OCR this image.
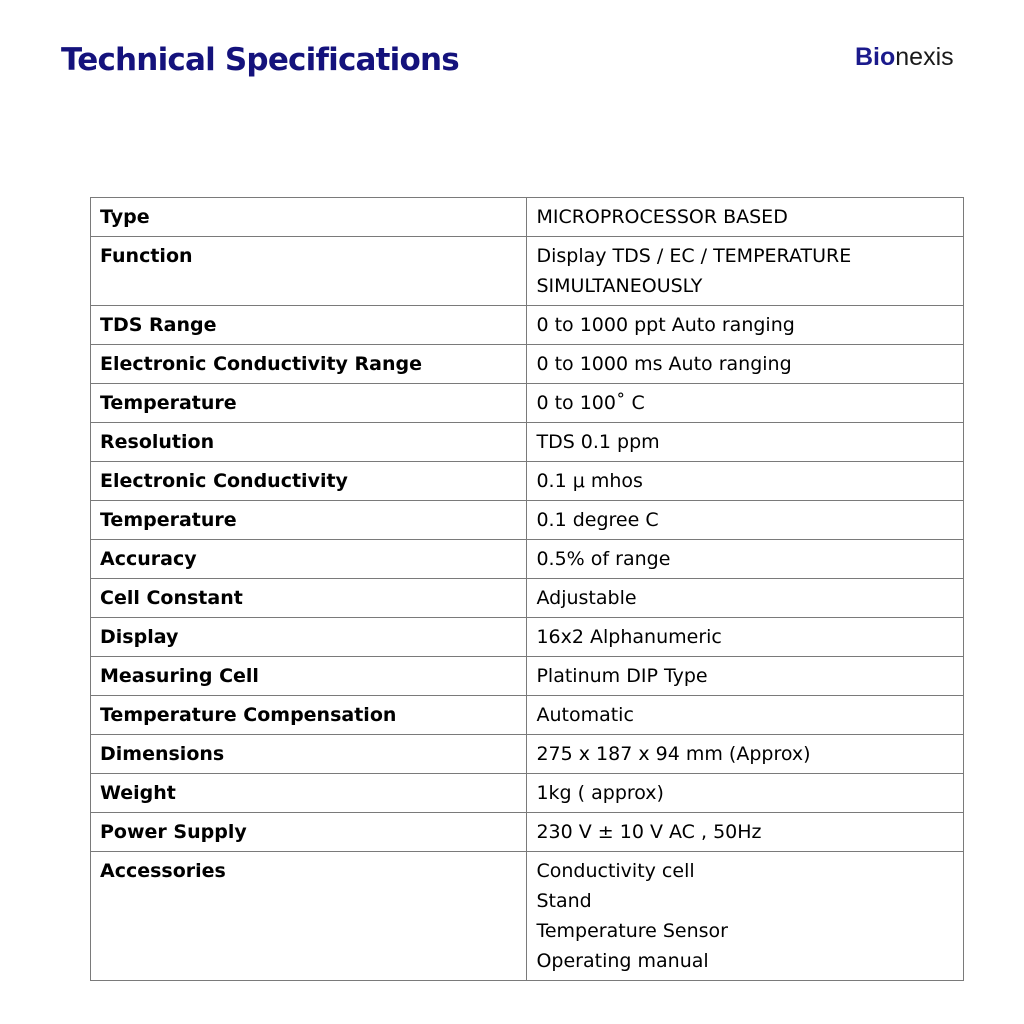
Technical Specifications	Bionexis
Type	MICROPROCESSOR BASED

Function	Display TDS / EC / TEMPERATURE
SIMULTANEOUSLY

TDS Range	0 to 1000 ppt Auto ranging

Electronic Conductivity Range	0 to 1000 ms Auto ranging

Temperature	0 to 100˚ C

Resolution	TDS 0.1 ppm

Electronic Conductivity	0.1 μ mhos

Temperature	0.1 degree C

Accuracy	0.5% of range

Cell Constant	Adjustable

Display	16x2 Alphanumeric

Measuring Cell	Platinum DIP Type

Temperature Compensation	Automatic

Dimensions	275 x 187 x 94 mm (Approx)

Weight	1kg ( approx)

Power Supply	230 V ± 10 V AC , 50Hz

Accessories	Conductivity cell
Stand
Temperature Sensor
Operating manual
